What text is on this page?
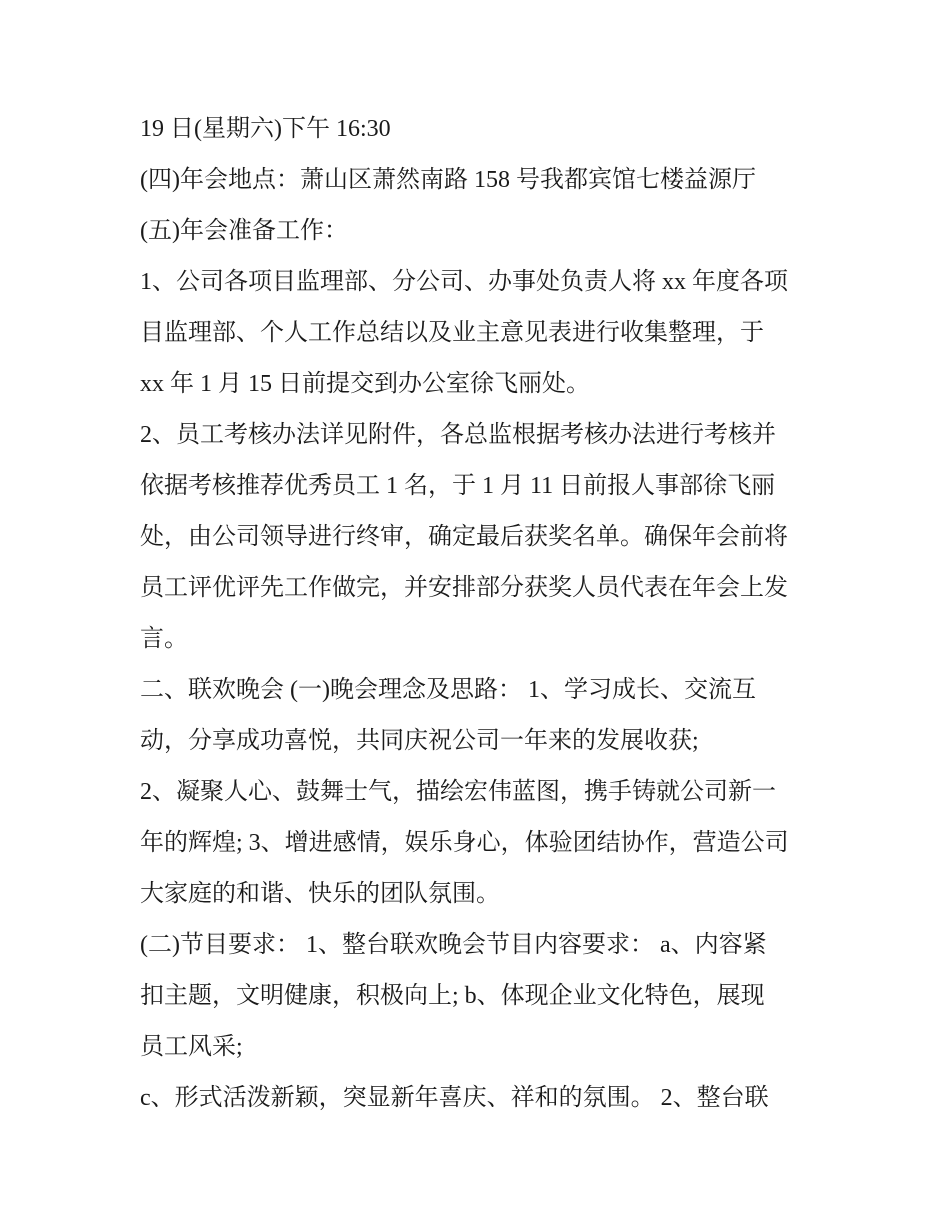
19 日(星期六)下午 16:30
(四)年会地点：萧山区萧然南路 158 号我都宾馆七楼益源厅
(五)年会准备工作：
1、公司各项目监理部、分公司、办事处负责人将 xx 年度各项
目监理部、个人工作总结以及业主意见表进行收集整理，于
xx 年 1 月 15 日前提交到办公室徐飞丽处。
2、员工考核办法详见附件，各总监根据考核办法进行考核并
依据考核推荐优秀员工 1 名，于 1 月 11 日前报人事部徐飞丽
处，由公司领导进行终审，确定最后获奖名单。确保年会前将
员工评优评先工作做完，并安排部分获奖人员代表在年会上发
言。
二、联欢晚会 (一)晚会理念及思路： 1、学习成长、交流互
动，分享成功喜悦，共同庆祝公司一年来的发展收获;
2、凝聚人心、鼓舞士气，描绘宏伟蓝图，携手铸就公司新一
年的辉煌; 3、增进感情，娱乐身心，体验团结协作，营造公司
大家庭的和谐、快乐的团队氛围。
(二)节目要求： 1、整台联欢晚会节目内容要求： a、内容紧
扣主题，文明健康，积极向上; b、体现企业文化特色，展现
员工风采;
c、形式活泼新颖，突显新年喜庆、祥和的氛围。 2、整台联
